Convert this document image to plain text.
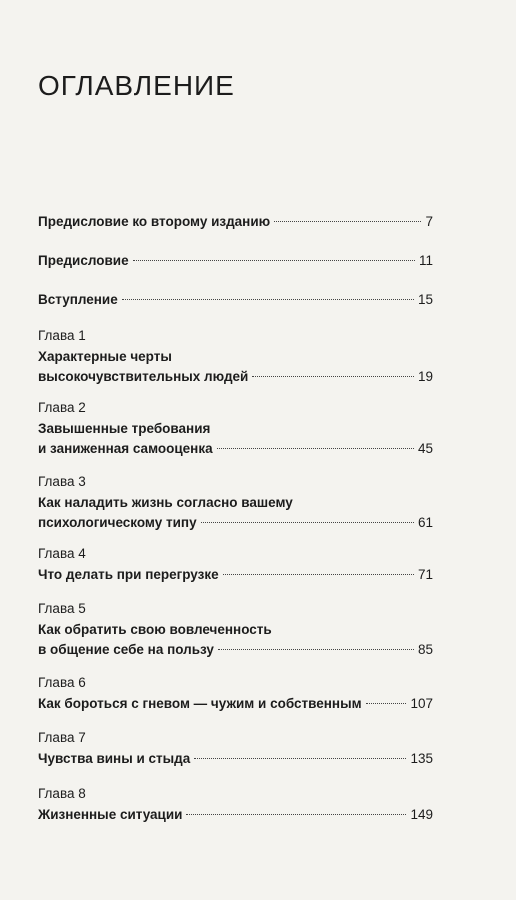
ОГЛАВЛЕНИЕ
Предисловие ко второму изданию	7
Предисловие	11
Вступление	15
Глава 1
Характерные черты
высокочувствительных людей	19
Глава 2
Завышенные требования
и заниженная самооценка	45
Глава 3
Как наладить жизнь согласно вашему
психологическому типу	61
Глава 4
Что делать при перегрузке	71
Глава 5
Как обратить свою вовлеченность
в общение себе на пользу	85
Глава 6
Как бороться с гневом — чужим и собственным	107
Глава 7
Чувства вины и стыда	135
Глава 8
Жизненные ситуации	149
